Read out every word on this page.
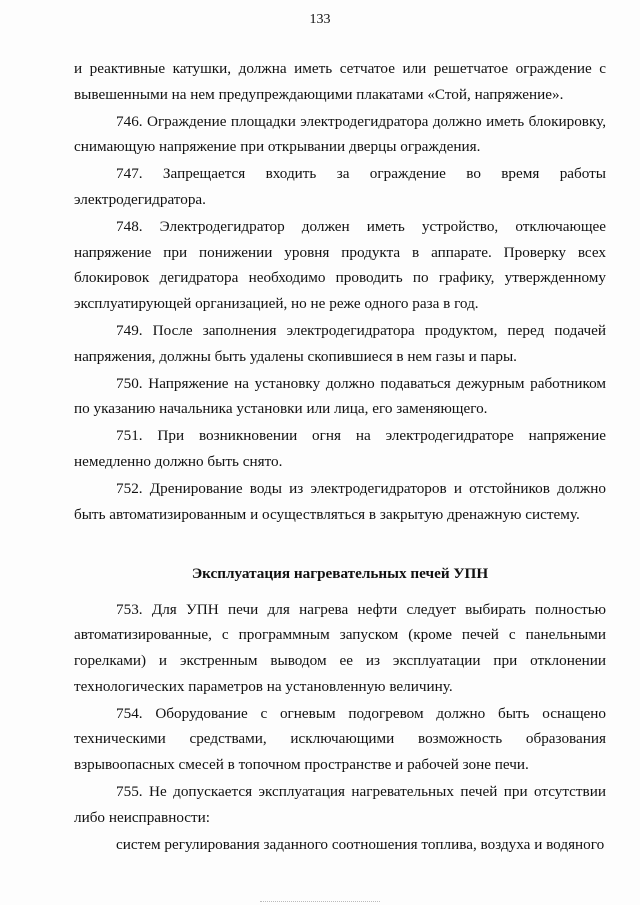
133

и реактивные катушки, должна иметь сетчатое или решетчатое ограждение с вывешенными на нем предупреждающими плакатами «Стой, напряжение».

746. Ограждение площадки электродегидратора должно иметь блокировку, снимающую напряжение при открывании дверцы ограждения.

747. Запрещается входить за ограждение во время работы электродегидратора.

748. Электродегидратор должен иметь устройство, отключающее напряжение при понижении уровня продукта в аппарате. Проверку всех блокировок дегидратора необходимо проводить по графику, утвержденному эксплуатирующей организацией, но не реже одного раза в год.

749. После заполнения электродегидратора продуктом, перед подачей напряжения, должны быть удалены скопившиеся в нем газы и пары.

750. Напряжение на установку должно подаваться дежурным работником по указанию начальника установки или лица, его заменяющего.

751. При возникновении огня на электродегидраторе напряжение немедленно должно быть снято.

752. Дренирование воды из электродегидраторов и отстойников должно быть автоматизированным и осуществляться в закрытую дренажную систему.

Эксплуатация нагревательных печей УПН

753. Для УПН печи для нагрева нефти следует выбирать полностью автоматизированные, с программным запуском (кроме печей с панельными горелками) и экстренным выводом ее из эксплуатации при отклонении технологических параметров на установленную величину.

754. Оборудование с огневым подогревом должно быть оснащено техническими средствами, исключающими возможность образования взрывоопасных смесей в топочном пространстве и рабочей зоне печи.

755. Не допускается эксплуатация нагревательных печей при отсутствии либо неисправности:

систем регулирования заданного соотношения топлива, воздуха и водяного
